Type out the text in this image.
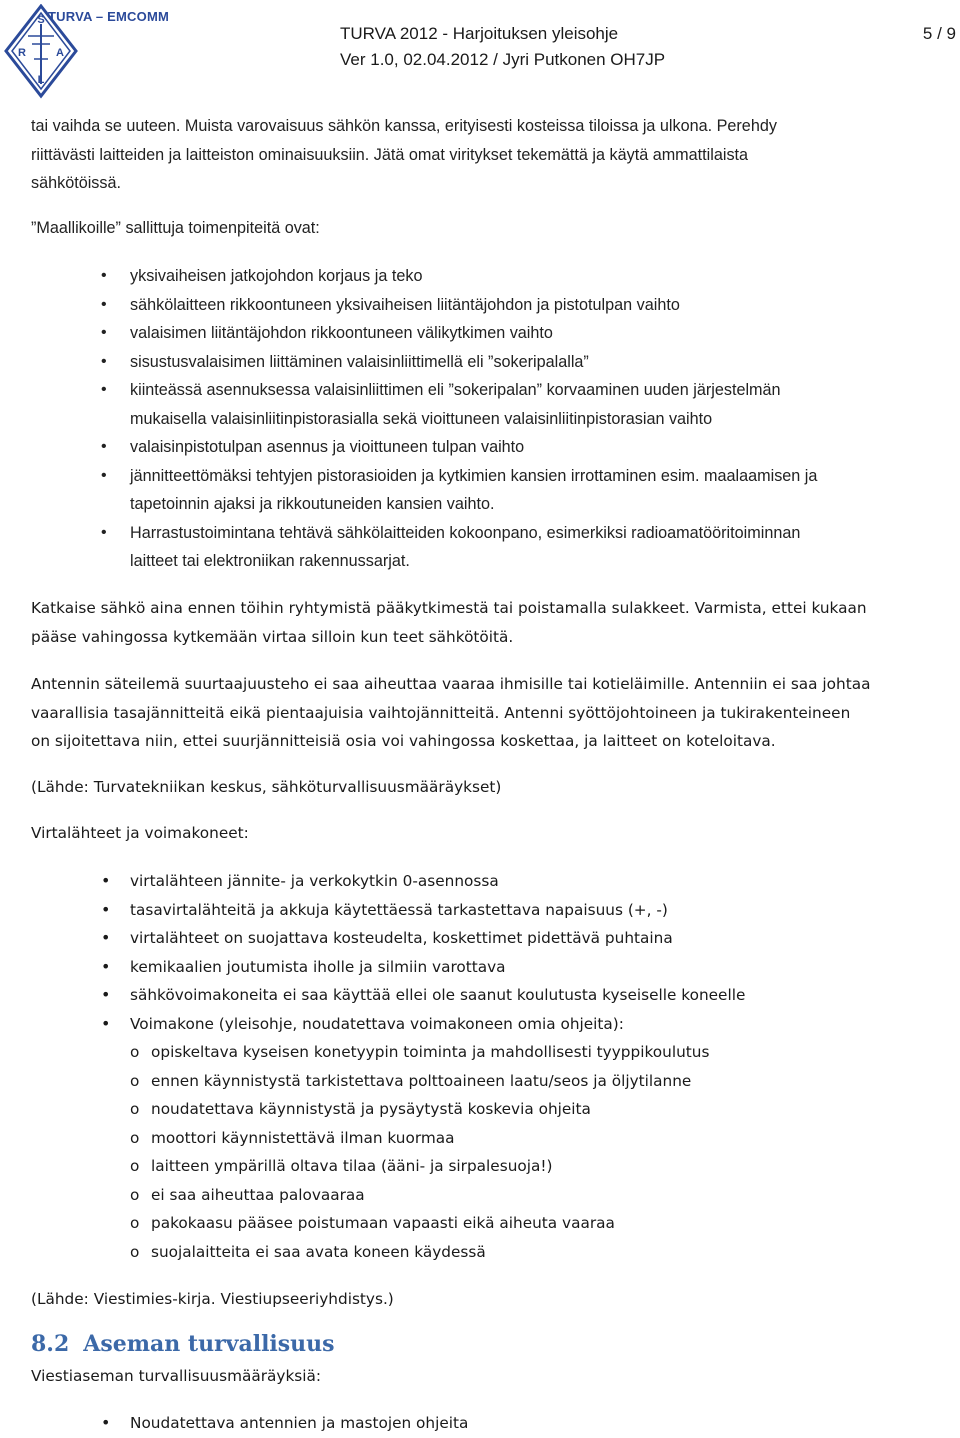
S
R	A
L
TURVA – EMCOMM
TURVA 2012 - Harjoituksen yleisohje
Ver 1.0, 02.04.2012 / Jyri Putkonen OH7JP
5 / 9
tai vaihda se uuteen. Muista varovaisuus sähkön kanssa, erityisesti kosteissa tiloissa ja ulkona. Perehdy
riittävästi laitteiden ja laitteiston ominaisuuksiin. Jätä omat viritykset tekemättä ja käytä ammattilaista
sähkötöissä.
”Maallikoille” sallittuja toimenpiteitä ovat:
• yksivaiheisen jatkojohdon korjaus ja teko
• sähkölaitteen rikkoontuneen yksivaiheisen liitäntäjohdon ja pistotulpan vaihto
• valaisimen liitäntäjohdon rikkoontuneen välikytkimen vaihto
• sisustusvalaisimen liittäminen valaisinliittimellä eli ”sokeripalalla”
• kiinteässä asennuksessa valaisinliittimen eli ”sokeripalan” korvaaminen uuden järjestelmän
mukaisella valaisinliitinpistorasialla sekä vioittuneen valaisinliitinpistorasian vaihto
• valaisinpistotulpan asennus ja vioittuneen tulpan vaihto
• jännitteettömäksi tehtyjen pistorasioiden ja kytkimien kansien irrottaminen esim. maalaamisen ja
tapetoinnin ajaksi ja rikkoutuneiden kansien vaihto.
• Harrastustoimintana tehtävä sähkölaitteiden kokoonpano, esimerkiksi radioamatööritoiminnan
laitteet tai elektroniikan rakennussarjat.
Katkaise sähkö aina ennen töihin ryhtymistä pääkytkimestä tai poistamalla sulakkeet. Varmista, ettei kukaan
pääse vahingossa kytkemään virtaa silloin kun teet sähkötöitä.
Antennin säteilemä suurtaajuusteho ei saa aiheuttaa vaaraa ihmisille tai kotieläimille. Antenniin ei saa johtaa
vaarallisia tasajännitteitä eikä pientaajuisia vaihtojännitteitä. Antenni syöttöjohtoineen ja tukirakenteineen
on sijoitettava niin, ettei suurjännitteisiä osia voi vahingossa koskettaa, ja laitteet on koteloitava.
(Lähde: Turvatekniikan keskus, sähköturvallisuusmääräykset)
Virtalähteet ja voimakoneet:
• virtalähteen jännite- ja verkokytkin 0-asennossa
• tasavirtalähteitä ja akkuja käytettäessä tarkastettava napaisuus (+, -)
• virtalähteet on suojattava kosteudelta, koskettimet pidettävä puhtaina
• kemikaalien joutumista iholle ja silmiin varottava
• sähkövoimakoneita ei saa käyttää ellei ole saanut koulutusta kyseiselle koneelle
• Voimakone (yleisohje, noudatettava voimakoneen omia ohjeita):
o opiskeltava kyseisen konetyypin toiminta ja mahdollisesti tyyppikoulutus
o ennen käynnistystä tarkistettava polttoaineen laatu/seos ja öljytilanne
o noudatettava käynnistystä ja pysäytystä koskevia ohjeita
o moottori käynnistettävä ilman kuormaa
o laitteen ympärillä oltava tilaa (ääni- ja sirpalesuoja!)
o ei saa aiheuttaa palovaaraa
o pakokaasu pääsee poistumaan vapaasti eikä aiheuta vaaraa
o suojalaitteita ei saa avata koneen käydessä
(Lähde: Viestimies-kirja. Viestiupseeriyhdistys.)
8.2 Aseman turvallisuus
Viestiaseman turvallisuusmääräyksiä:
• Noudatettava antennien ja mastojen ohjeita
